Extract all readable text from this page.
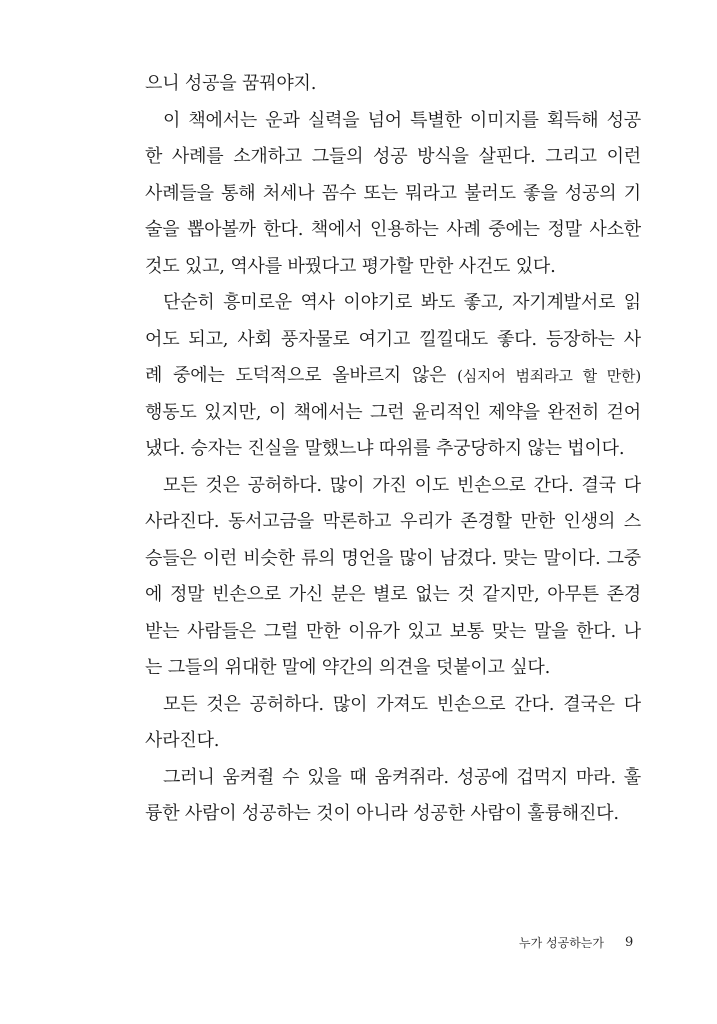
으니 성공을 꿈꿔야지.
이 책에서는 운과 실력을 넘어 특별한 이미지를 획득해 성공
한 사례를 소개하고 그들의 성공 방식을 살핀다. 그리고 이런
사례들을 통해 처세나 꼼수 또는 뭐라고 불러도 좋을 성공의 기
술을 뽑아볼까 한다. 책에서 인용하는 사례 중에는 정말 사소한
것도 있고, 역사를 바꿨다고 평가할 만한 사건도 있다.
단순히 흥미로운 역사 이야기로 봐도 좋고, 자기계발서로 읽
어도 되고, 사회 풍자물로 여기고 낄낄대도 좋다. 등장하는 사
례 중에는 도덕적으로 올바르지 않은 (심지어 범죄라고 할 만한)
행동도 있지만, 이 책에서는 그런 윤리적인 제약을 완전히 걷어
냈다. 승자는 진실을 말했느냐 따위를 추궁당하지 않는 법이다.
모든 것은 공허하다. 많이 가진 이도 빈손으로 간다. 결국 다
사라진다. 동서고금을 막론하고 우리가 존경할 만한 인생의 스
승들은 이런 비슷한 류의 명언을 많이 남겼다. 맞는 말이다. 그중
에 정말 빈손으로 가신 분은 별로 없는 것 같지만, 아무튼 존경
받는 사람들은 그럴 만한 이유가 있고 보통 맞는 말을 한다. 나
는 그들의 위대한 말에 약간의 의견을 덧붙이고 싶다.
모든 것은 공허하다. 많이 가져도 빈손으로 간다. 결국은 다
사라진다.
그러니 움켜쥘 수 있을 때 움켜쥐라. 성공에 겁먹지 마라. 훌
륭한 사람이 성공하는 것이 아니라 성공한 사람이 훌륭해진다.
누가 성공하는가 9
